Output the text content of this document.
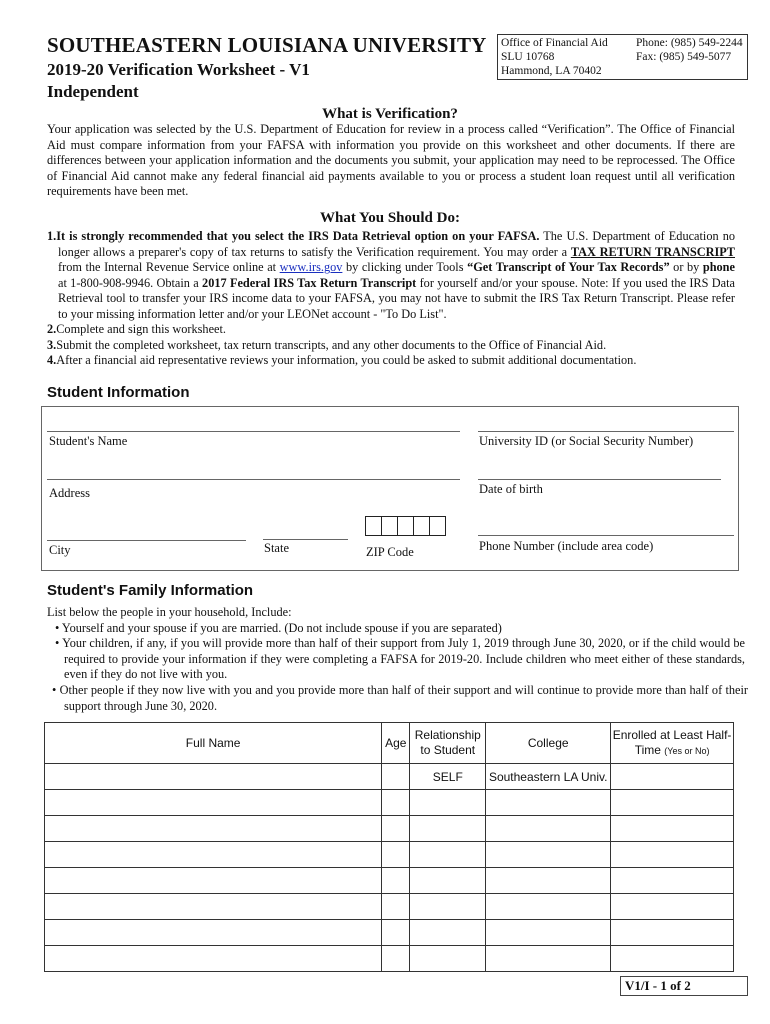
SOUTHEASTERN LOUISIANA UNIVERSITY
2019-20 Verification Worksheet - V1
Independent
Office of Financial Aid
SLU 10768
Hammond, LA 70402
Phone: (985) 549-2244
Fax: (985) 549-5077
What is Verification?
Your application was selected by the U.S. Department of Education for review in a process called “Verification”. The Office of Financial Aid must compare information from your FAFSA with information you provide on this worksheet and other documents. If there are differences between your application information and the documents you submit, your application may need to be reprocessed. The Office of Financial Aid cannot make any federal financial aid payments available to you or process a student loan request until all verification requirements have been met.
What You Should Do:
1.It is strongly recommended that you select the IRS Data Retrieval option on your FAFSA. The U.S. Department of Education no longer allows a preparer's copy of tax returns to satisfy the Verification requirement. You may order a TAX RETURN TRANSCRIPT from the Internal Revenue Service online at www.irs.gov by clicking under Tools “Get Transcript of Your Tax Records” or by phone at 1-800-908-9946. Obtain a 2017 Federal IRS Tax Return Transcript for yourself and/or your spouse. Note: If you used the IRS Data Retrieval tool to transfer your IRS income data to your FAFSA, you may not have to submit the IRS Tax Return Transcript. Please refer to your missing information letter and/or your LEONet account - "To Do List".
2.Complete and sign this worksheet.
3.Submit the completed worksheet, tax return transcripts, and any other documents to the Office of Financial Aid.
4.After a financial aid representative reviews your information, you could be asked to submit additional documentation.
Student Information
Student's Name	University ID (or Social Security Number)
Address	Date of birth
City	State	ZIP Code	Phone Number (include area code)
Student's Family Information
List below the people in your household, Include:
• Yourself and your spouse if you are married. (Do not include spouse if you are separated)
• Your children, if any, if you will provide more than half of their support from July 1, 2019 through June 30, 2020, or if the child would be required to provide your information if they were completing a FAFSA for 2019-20. Include children who meet either of these standards, even if they do not live with you.
• Other people if they now live with you and you provide more than half of their support and will continue to provide more than half of their support through June 30, 2020.
Full Name	Age	Relationship to Student	College	Enrolled at Least Half-Time (Yes or No)
		SELF	Southeastern LA Univ.	

V1/I - 1 of 2
